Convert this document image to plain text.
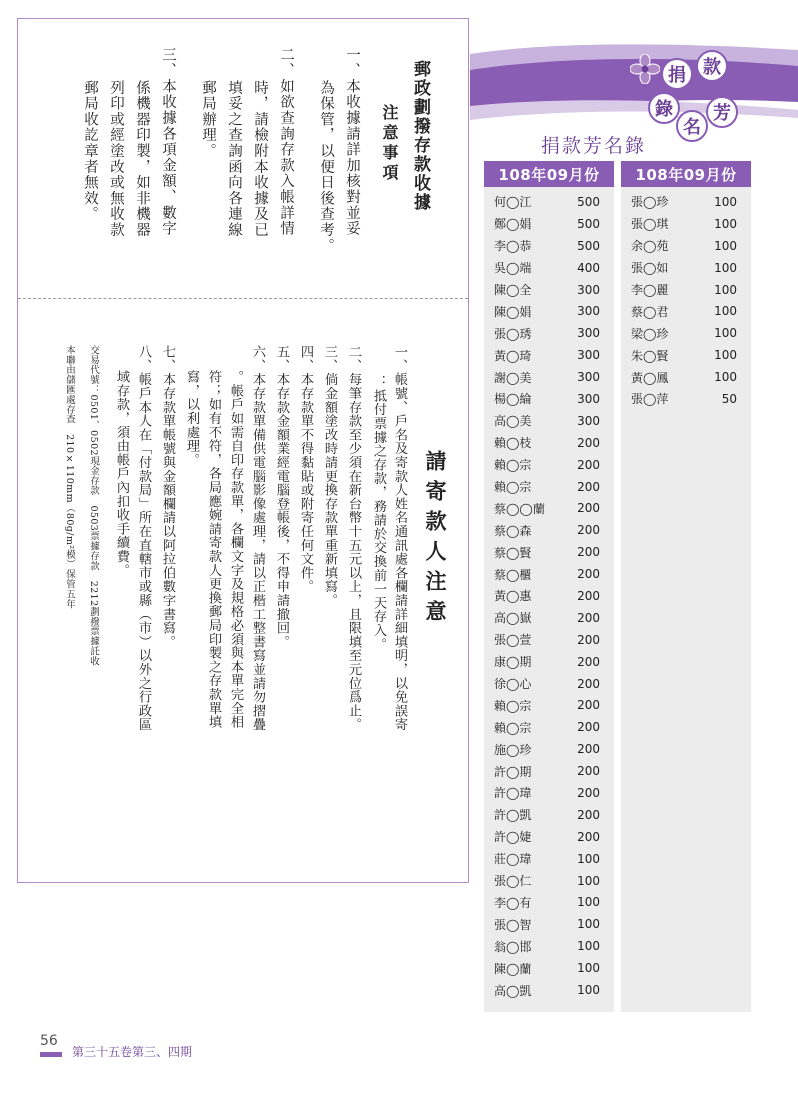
郵政劃撥存款收據
注意事項
一、本收據請詳加核對並妥
為保管，以便日後查考。
二、如欲查詢存款入帳詳情
時，請檢附本收據及已
填妥之查詢函向各連線
郵局辦理。
三、本收據各項金額、數字
係機器印製，如非機器
列印或經塗改或無收款
郵局收訖章者無效。
請寄款人注意
一、帳號、戶名及寄款人姓名通訊處各欄請詳細填明，以免誤寄
：抵付票據之存款，務請於交換前一天存入。
二、每筆存款至少須在新台幣十五元以上，且限填至元位爲止。
三、倘金額塗改時請更換存款單重新填寫。
四、本存款單不得黏貼或附寄任何文件。
五、本存款金額業經電腦登帳後，不得申請撤回。
六、本存款單備供電腦影像處理，請以正楷工整書寫並請勿摺疊
。帳戶如需自印存款單，各欄文字及規格必須與本單完全相
符；如有不符，各局應婉請寄款人更換郵局印製之存款單填
寫，以利處理。
七、本存款單帳號與金額欄請以阿拉伯數字書寫。
八、帳戶本人在「付款局」所在直轄市或縣（市）以外之行政區
域存款，須由帳戶內扣收手續費。
交易代號：0501、0502現金存款　0503票據存款　2212劃撥票據託收
本聯由儲匯處存查　210×110mm（80g/m²模）保管五年
捐 款
錄
名
芳
捐款芳名錄
108年09月份
何◯江	500
鄭◯娟	500
李◯恭	500
吳◯端	400
陳◯全	300
陳◯娟	300
張◯琇	300
黃◯琦	300
謝◯美	300
楊◯綸	300
高◯美	300
賴◯枝	200
賴◯宗	200
賴◯宗	200
蔡◯◯蘭	200
蔡◯森	200
蔡◯賢	200
蔡◯櫃	200
黃◯惠	200
高◯嶽	200
張◯萱	200
康◯期	200
徐◯心	200
賴◯宗	200
賴◯宗	200
施◯珍	200
許◯期	200
許◯瑋	200
許◯凱	200
許◯婕	200
莊◯瑋	100
張◯仁	100
李◯有	100
張◯智	100
翁◯邯	100
陳◯蘭	100
高◯凱	100
108年09月份
張◯珍	100
張◯琪	100
余◯苑	100
張◯如	100
李◯麗	100
蔡◯君	100
梁◯珍	100
朱◯賢	100
黃◯鳳	100
張◯萍	50
56
第三十五卷第三、四期
